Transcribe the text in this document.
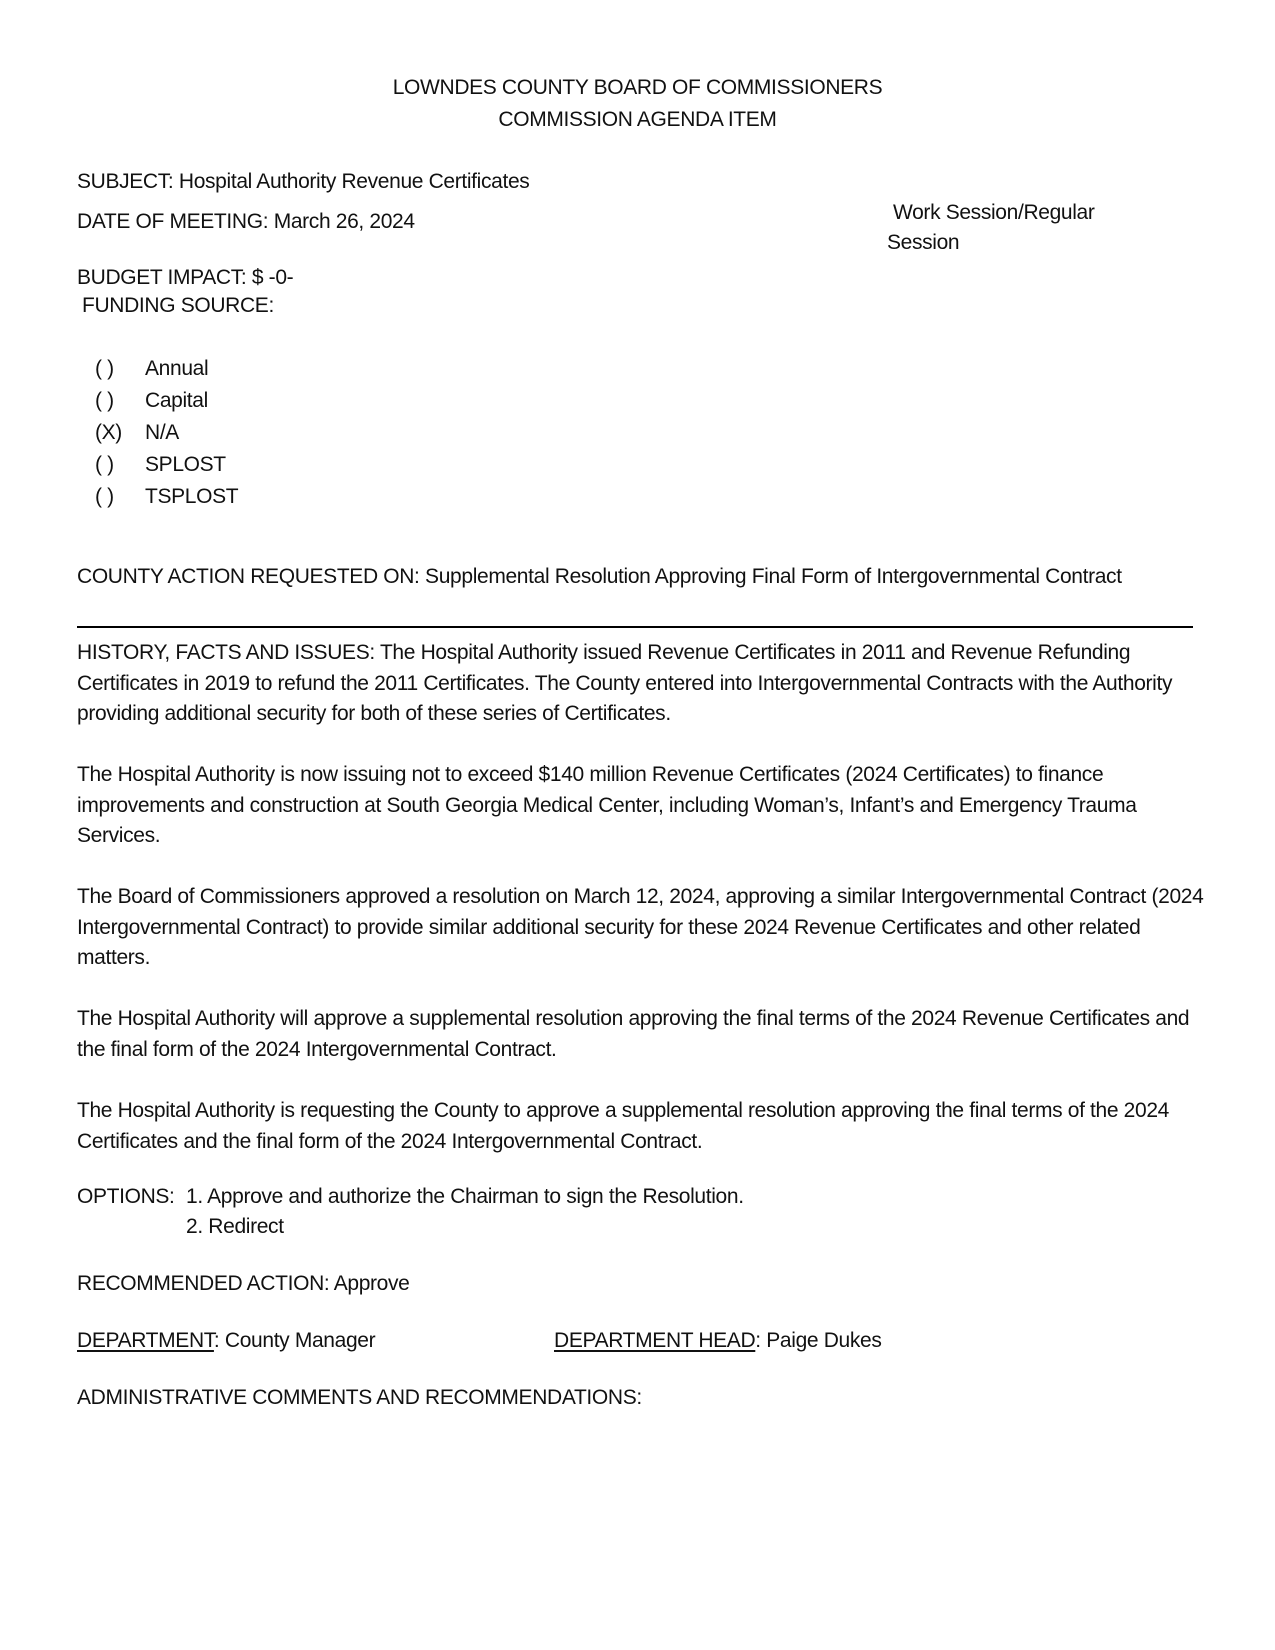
LOWNDES COUNTY BOARD OF COMMISSIONERS
COMMISSION AGENDA ITEM
SUBJECT: Hospital Authority Revenue Certificates
DATE OF MEETING: March 26, 2024	Work Session/Regular
Session
BUDGET IMPACT: $ -0-
FUNDING SOURCE:
( ) Annual
( ) Capital
(X) N/A
( ) SPLOST
( ) TSPLOST
COUNTY ACTION REQUESTED ON: Supplemental Resolution Approving Final Form of Intergovernmental Contract
HISTORY, FACTS AND ISSUES: The Hospital Authority issued Revenue Certificates in 2011 and Revenue Refunding Certificates in 2019 to refund the 2011 Certificates. The County entered into Intergovernmental Contracts with the Authority providing additional security for both of these series of Certificates.
The Hospital Authority is now issuing not to exceed $140 million Revenue Certificates (2024 Certificates) to finance improvements and construction at South Georgia Medical Center, including Woman’s, Infant’s and Emergency Trauma Services.
The Board of Commissioners approved a resolution on March 12, 2024, approving a similar Intergovernmental Contract (2024 Intergovernmental Contract) to provide similar additional security for these 2024 Revenue Certificates and other related matters.
The Hospital Authority will approve a supplemental resolution approving the final terms of the 2024 Revenue Certificates and the final form of the 2024 Intergovernmental Contract.
The Hospital Authority is requesting the County to approve a supplemental resolution approving the final terms of the 2024 Certificates and the final form of the 2024 Intergovernmental Contract.
OPTIONS: 1. Approve and authorize the Chairman to sign the Resolution.
2. Redirect
RECOMMENDED ACTION: Approve
DEPARTMENT: County Manager	DEPARTMENT HEAD: Paige Dukes
ADMINISTRATIVE COMMENTS AND RECOMMENDATIONS:
